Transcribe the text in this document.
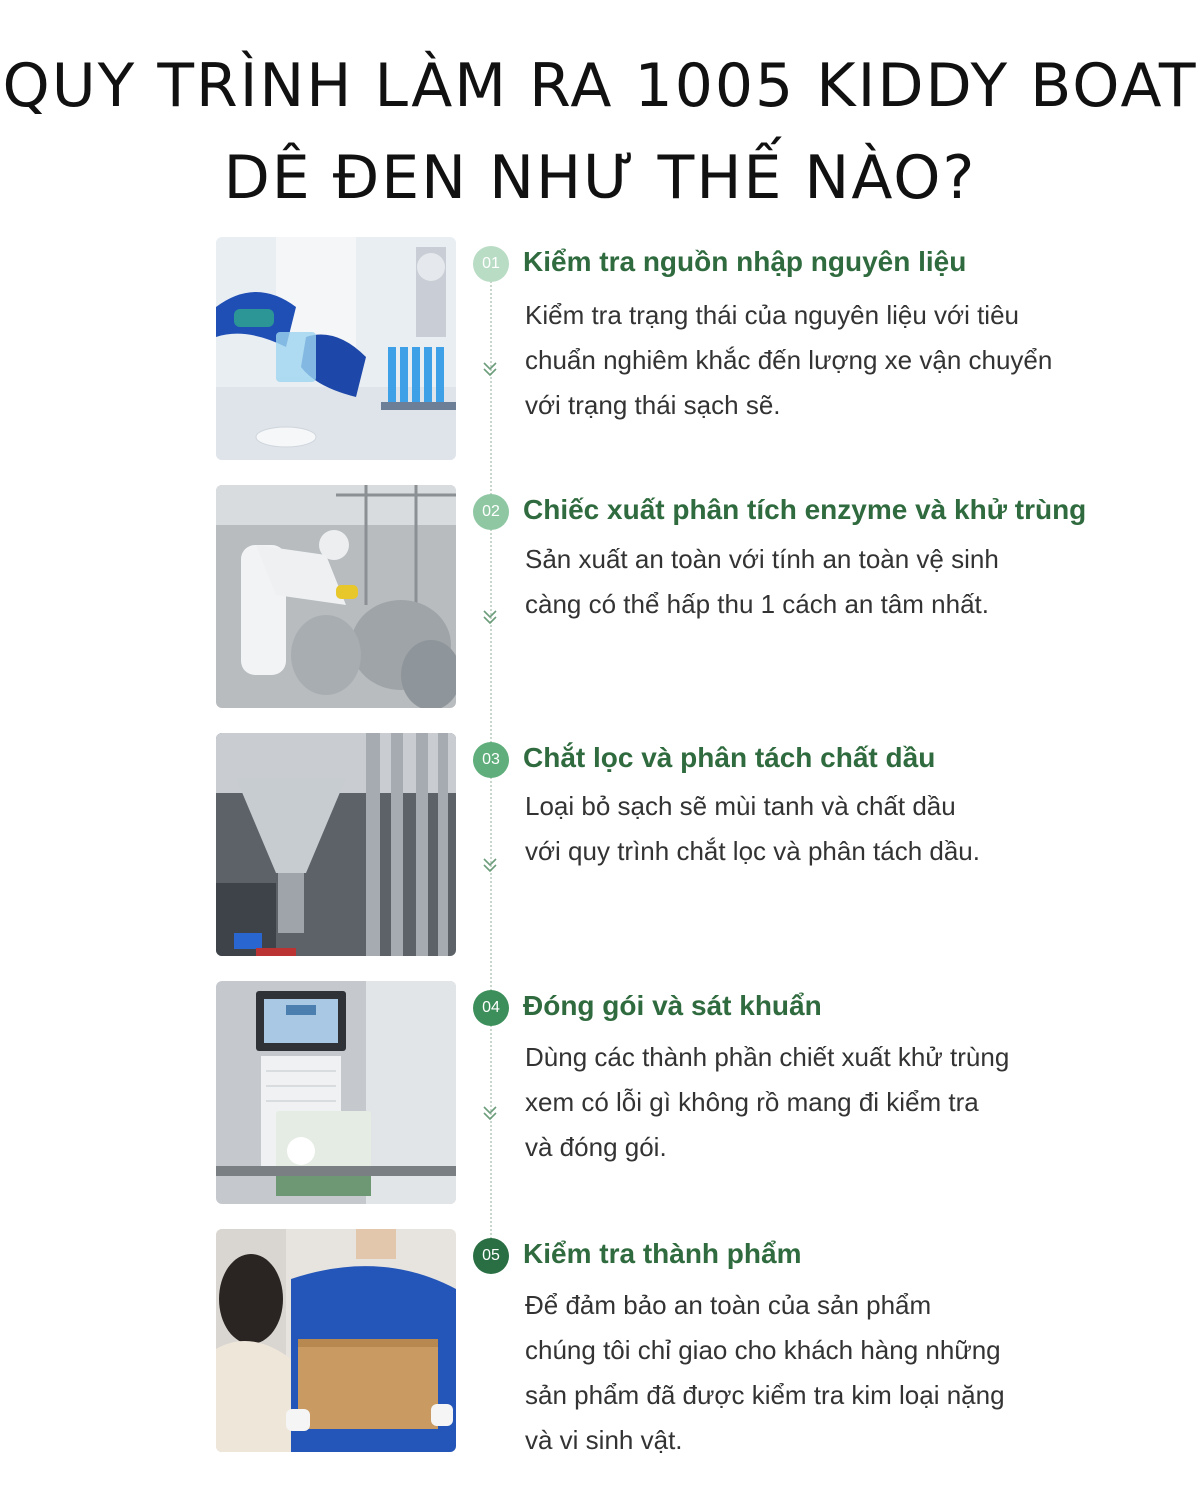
QUY TRÌNH LÀM RA 1005 KIDDY BOAT
DÊ ĐEN NHƯ THẾ NÀO?
01 Kiểm tra nguồn nhập nguyên liệu
Kiểm tra trạng thái của nguyên liệu với tiêu
chuẩn nghiêm khắc đến lượng xe vận chuyển
với trạng thái sạch sẽ.
02 Chiếc xuất phân tích enzyme và khử trùng
Sản xuất an toàn với tính an toàn vệ sinh
càng có thể hấp thu 1 cách an tâm nhất.
03 Chắt lọc và phân tách chất dầu
Loại bỏ sạch sẽ mùi tanh và chất dầu
với quy trình chắt lọc và phân tách dầu.
04 Đóng gói và sát khuẩn
Dùng các thành phần chiết xuất khử trùng
xem có lỗi gì không rồ mang đi kiểm tra
và đóng gói.
05 Kiểm tra thành phẩm
Để đảm bảo an toàn của sản phẩm
chúng tôi chỉ giao cho khách hàng những
sản phẩm đã được kiểm tra kim loại nặng
và vi sinh vật.
